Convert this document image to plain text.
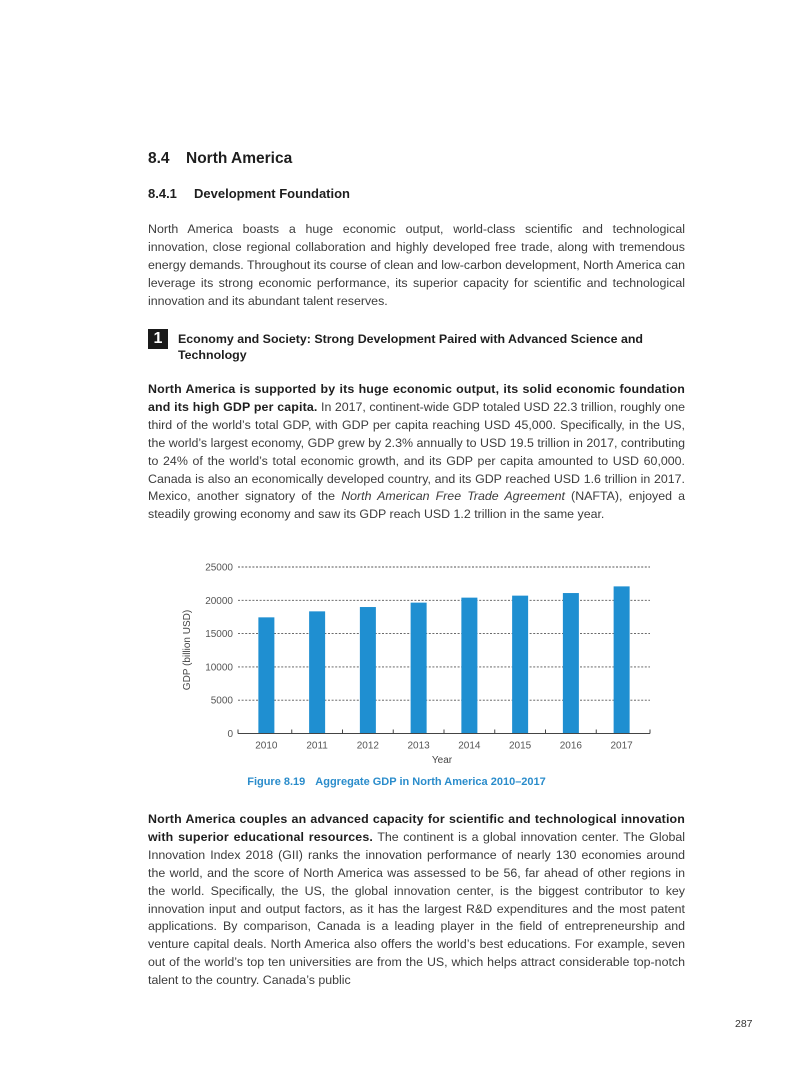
8.4 North America
8.4.1 Development Foundation
North America boasts a huge economic output, world-class scientific and technological innovation, close regional collaboration and highly developed free trade, along with tremendous energy demands. Throughout its course of clean and low-carbon development, North America can leverage its strong economic performance, its superior capacity for scientific and technological innovation and its abundant talent reserves.
1	Economy and Society: Strong Development Paired with Advanced Science and Technology
North America is supported by its huge economic output, its solid economic foundation and its high GDP per capita. In 2017, continent-wide GDP totaled USD 22.3 trillion, roughly one third of the world’s total GDP, with GDP per capita reaching USD 45,000. Specifically, in the US, the world’s largest economy, GDP grew by 2.3% annually to USD 19.5 trillion in 2017, contributing to 24% of the world’s total economic growth, and its GDP per capita amounted to USD 60,000. Canada is also an economically developed country, and its GDP reached USD 1.6 trillion in 2017. Mexico, another signatory of the North American Free Trade Agreement (NAFTA), enjoyed a steadily growing economy and saw its GDP reach USD 1.2 trillion in the same year.
0
5000
10000
15000
20000
25000
2010	2011	2012	2013	2014	2015	2016	2017
GDP (billion USD)
Year
Figure 8.19 Aggregate GDP in North America 2010–2017
North America couples an advanced capacity for scientific and technological innovation with superior educational resources. The continent is a global innovation center. The Global Innovation Index 2018 (GII) ranks the innovation performance of nearly 130 economies around the world, and the score of North America was assessed to be 56, far ahead of other regions in the world. Specifically, the US, the global innovation center, is the biggest contributor to key innovation input and output factors, as it has the largest R&D expenditures and the most patent applications. By comparison, Canada is a leading player in the field of entrepreneurship and venture capital deals. North America also offers the world’s best educations. For example, seven out of the world’s top ten universities are from the US, which helps attract considerable top-notch talent to the country. Canada’s public
287
